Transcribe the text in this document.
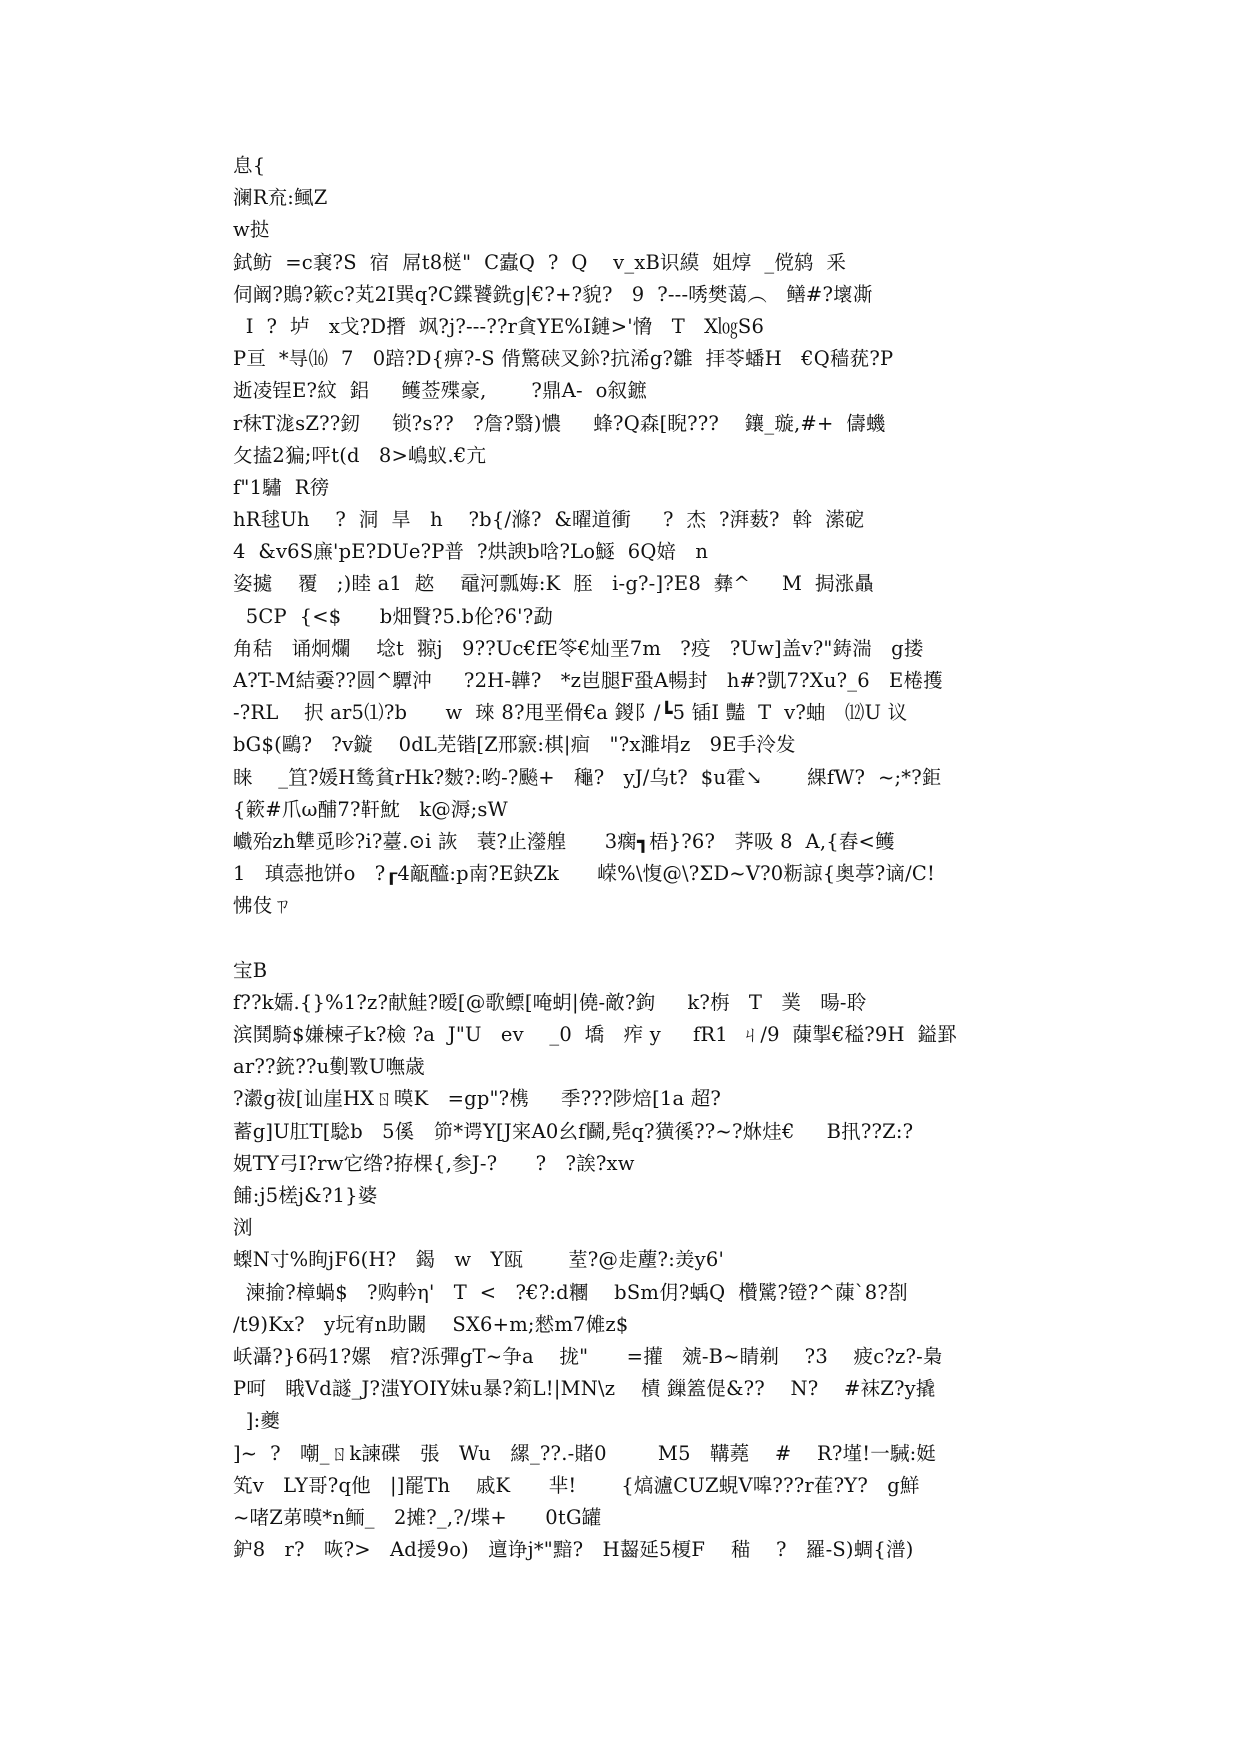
息{
澜R㐬:鲺Z
w挞
鉽鲂  =c㐮?S  宿  屌t8㮸"  C蠹Q  ?  Q    v_xB识縸  姐焞  _傥鸫  釆
伺阚?鵙?簌c?芄2I巽q?C鍱饕銑g|€?+?貌?   9  ?---唀樊蔼︵   鳝#?壞凘
I  ?  垆   x戈?D撍  飒?j?---??r貪YE%I鏈>'愶   T   X㏒S6
P亘  *㝵⒃  7   0踣?D{痹?-S 偝驚硖叉鉩?抗浠g?雛  拝苓蟠H   €Q穑莸?P
逝凌锃E?紋  鋁     鳠莶殜豪,       ?鼎A-  o叙鏣
r秣T浝sZ??釰     锁?s??   ?詹?翳)憹     蜂?Q森[睨???    鑲_璇,#+  儔蟣
攵搕2猵;呯t(d   8>嶋蚁.€亢
f"1驌  R徬
hR毬Uh    ?  洞  旱   h    ?b{/滌?  &曜道衝     ?  杰  ?湃薮?  斡  潆砨
4  &v6S㢘'pE?DUe?P普  ?烘諛b唅?Lo鱁  6Q婄   n
姿㨿    覆   ;)睦 a1  趑    黿河瓢娒:K  胵   i-g?-]?E8  彝^     M  挶涨贔
5CP  {<$      b畑贀?5.b伦?6'?勐
角秸   诵炯爛    埝t  翞j   9??Uc€fE笭€灿垩7m   ?疫   ?Uw]盖v?"鋳湍   g搂
A?T-M結嫑??圆^驔沖     ?2H-韡?   *z岜腿F蛩A暢封   h#?凱7?Xu?_6   E棬擭
-?RL    択 ar5⑴?b      w  琜 8?甩垩傦€a 鍐阝/┗5 锸Ⅰ 豔  T  v?蚰   ⑿U 议
bG$(鷗?   ?v鏇    0dL芜锴[Z邢窾:棋|痐   "?x濉埍z   9E手泠发
睐    _笡?媛H鸶貧rHk?麬?:哟-?飈+   龝?   yJ/乌t?  $u霍↘       綶fW?  ~;*?鉅
{簌#爪ω酺7?靬魫   k@溽;sW
巇殆zh犨觅昣?i?薹.⊙i 詼   蓑?止灐艎      3瘸┓梧}?6?   荠吸 8  A,{舂<鳠
1   瑱悫扡饼o   ?┎4甋醯:p南?E鈌Zk      嵘%\愎@\?ΣD~V?0粝諒{奥葶?谪/C!
怫伎ㄗ
宝B
f??k嬬.{}%1?z?献鮭?暧[@歌鳔[唵蚏|僥-敵?鉤     k?栴   T   菐   暘-聆
滨鬨騎$嫌楝孑k?檢 ?a  J"U   ev    _0  墧   痄 y     fR1  ㄐ/9  蔯掣€䅬?9H  鎰罫
ar??銃??u劐斁U嘸歳
?瀫g祓[讪崖HXㄖ暯K   =gp"?槜     季???陟焙[1a 超?
蓄g]U肛T[騐b   5傒   笷*谔Y[J宩A0幺f鬬,髡q?獚徯??~?烌烓€     B扟??Z:?
娊TY弓I?rw它绺?拵棵{,参J-?      ?   ?誒?xw
餔:j5槎j&?1}婆
浏
蟍N寸%眴jF6(H?   鍻   w   Y瓯       荎?@歨薼?:羙y6'
湅揄?樟蝸$   ?购軡η'   T  <   ?€?:d糰    bSm仴?蝺Q  欑騭?镫?^蔯`8?剳
/t9)Kx?   y坃宥n助闞    SX6+m;憖m7傩z$
岆灄?}6码1?嫘   痯?泺彈gT~争a    拢"      =㩲   虠-B~睛剃    ?3    疲c?z?-梟
P呵   睋Vd譢_J?滍YOIY妹u暴?筣L!|MN\z    樍 鏁篕偍&??    N?    #袜Z?y撬
]:夔
]~  ?   嘲_ㄖk諫碟   張   Wu   縲_??.-賭0        M5   鞲蕘    #    R?墐!一駴:娗
笂v   LY哥?q他   |]罷Th    戚K      芈!       {熇瀘CUZ蜆V嗥???r萑?Y?   g鮮
~啫Z苐暯*n鲕_   2摊?_,?/堞+      0tG罐
鈩8   r?   咴?>   Ad援9o)   邅诤j*"黯?   H齧延5榎F    䅦    ?   羅-S)蜩{潽)
